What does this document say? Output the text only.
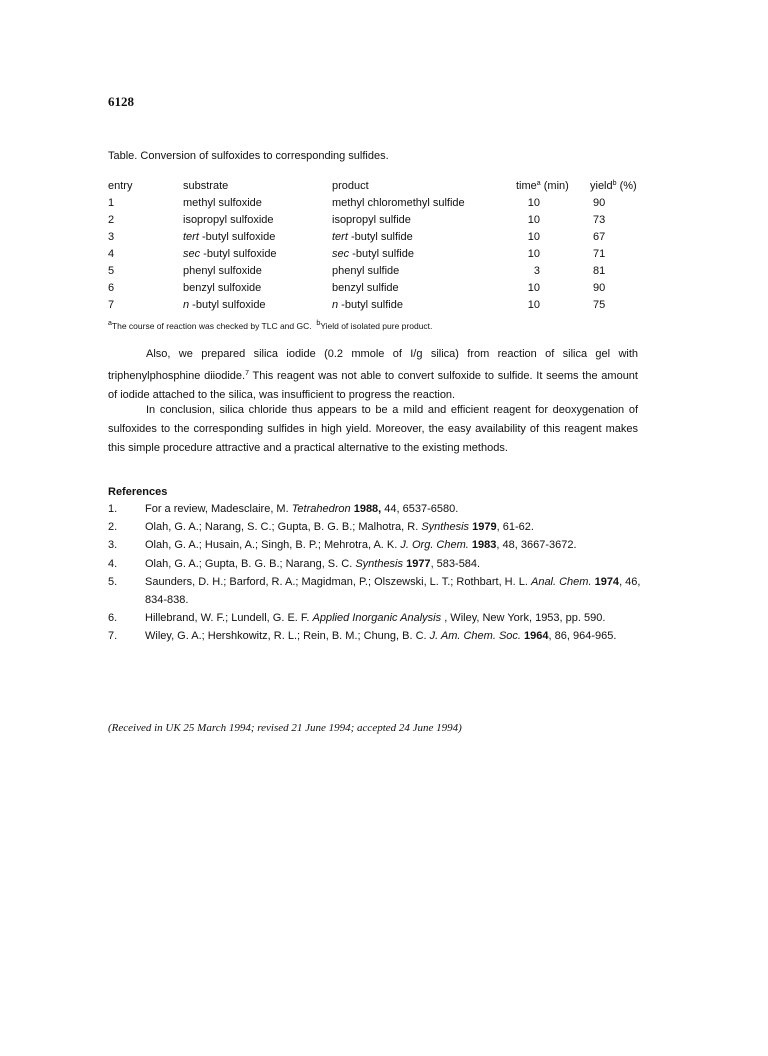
6128
Table. Conversion of sulfoxides to corresponding sulfides.
entry	substrate	product	time$^a$ (min) yield$^b$ (%)
1	methyl sulfoxide	methyl chloromethyl sulfide	10	90
2	isopropyl sulfoxide	isopropyl sulfide	10	73
3	tert -butyl sulfoxide	tert -butyl sulfide	10	67
4	sec -butyl sulfoxide	sec -butyl sulfide	10	71
5	phenyl sulfoxide	phenyl sulfide	3	81
6	benzyl sulfoxide	benzyl sulfide	10	90
7	n -butyl sulfoxide	n -butyl sulfide	10	75
$^a$The course of reaction was checked by TLC and GC. $^b$Yield of isolated pure product.
Also, we prepared silica iodide (0.2 mmole of I/g silica) from reaction of silica gel with triphenylphosphine diiodide.$^7$ This reagent was not able to convert sulfoxide to sulfide. It seems the amount of iodide attached to the silica, was insufficient to progress the reaction.
In conclusion, silica chloride thus appears to be a mild and efficient reagent for deoxygenation of sulfoxides to the corresponding sulfides in high yield. Moreover, the easy availability of this reagent makes this simple procedure attractive and a practical alternative to the existing methods.
References
1.	For a review, Madesclaire, M. Tetrahedron 1988, 44, 6537-6580.
2.	Olah, G. A.; Narang, S. C.; Gupta, B. G. B.; Malhotra, R. Synthesis 1979, 61-62.
3.	Olah, G. A.; Husain, A.; Singh, B. P.; Mehrotra, A. K. J. Org. Chem. 1983, 48, 3667-3672.
4.	Olah, G. A.; Gupta, B. G. B.; Narang, S. C. Synthesis 1977, 583-584.
5.	Saunders, D. H.; Barford, R. A.; Magidman, P.; Olszewski, L. T.; Rothbart, H. L. Anal. Chem. 1974, 46, 834-838.
6.	Hillebrand, W. F.; Lundell, G. E. F. Applied Inorganic Analysis , Wiley, New York, 1953, pp. 590.
7.	Wiley, G. A.; Hershkowitz, R. L.; Rein, B. M.; Chung, B. C. J. Am. Chem. Soc. 1964, 86, 964-965.
(Received in UK 25 March 1994; revised 21 June 1994; accepted 24 June 1994)
